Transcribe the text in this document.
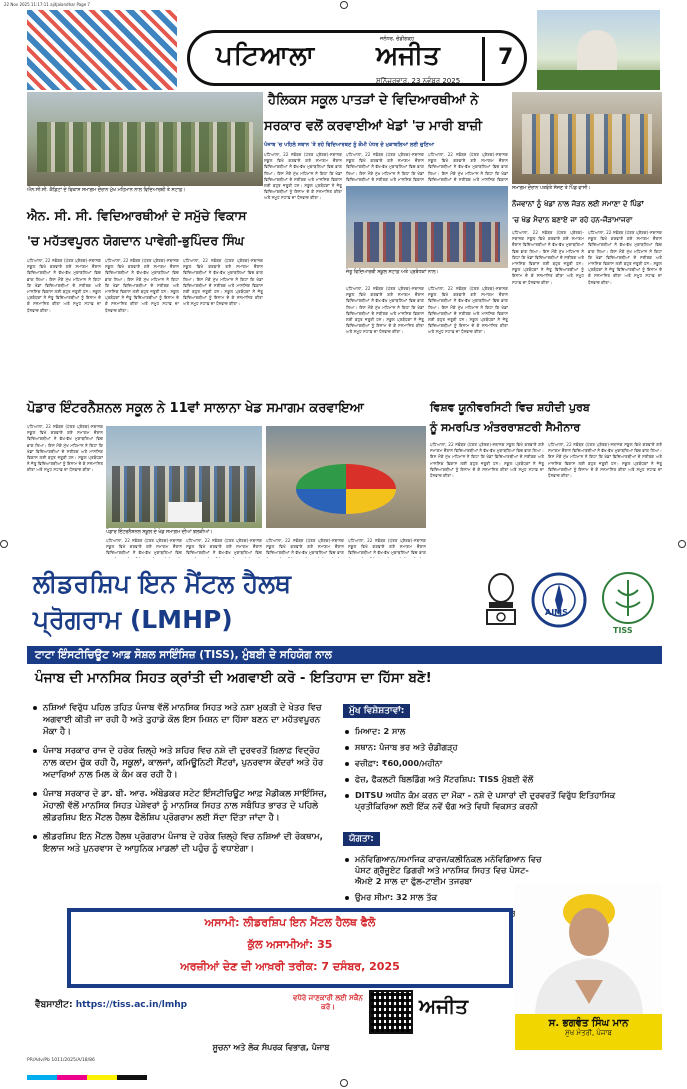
22 Nov 2025 11:17:11 ajitjalandhar Page 7
ਪਟਿਆਲਾ
ਜਲੰਧਰ, ਚੰਡੀਗੜ੍ਹ
ਅਜੀਤ
ਸ਼ਨਿੱਚਰਵਾਰ, 23 ਨਵੰਬਰ 2025
7
ਐਨ.ਸੀ.ਸੀ. ਕੈਡਿਟਾਂ ਦੇ ਵਿਕਾਸ ਸਮਾਗਮ ਦੌਰਾਨ ਮੁੱਖ ਮਹਿਮਾਨ ਨਾਲ ਵਿਦਿਆਰਥੀ ਤੇ ਸਟਾਫ਼।
ਐਨ. ਸੀ. ਸੀ. ਵਿਦਿਆਰਥੀਆਂ ਦੇ ਸਮੁੱਚੇ ਵਿਕਾਸ
'ਚ ਮਹੱਤਵਪੂਰਨ ਯੋਗਦਾਨ ਪਾਵੇਗੀ-ਭੁਪਿੰਦਰ ਸਿੰਘ
ਪਟਿਆਲਾ, 22 ਨਵੰਬਰ (ਪੱਤਰ ਪ੍ਰੇਰਕ)-ਸਥਾਨਕ ਸਕੂਲ ਵਿਖੇ ਕਰਵਾਏ ਗਏ ਸਮਾਗਮ ਦੌਰਾਨ ਵਿਦਿਆਰਥੀਆਂ ਨੇ ਵੱਖ-ਵੱਖ ਮੁਕਾਬਲਿਆਂ ਵਿਚ ਭਾਗ ਲਿਆ। ਇਸ ਮੌਕੇ ਮੁੱਖ ਮਹਿਮਾਨ ਨੇ ਕਿਹਾ ਕਿ ਖੇਡਾਂ ਵਿਦਿਆਰਥੀਆਂ ਦੇ ਸਰੀਰਕ ਅਤੇ ਮਾਨਸਿਕ ਵਿਕਾਸ ਲਈ ਬਹੁਤ ਜ਼ਰੂਰੀ ਹਨ। ਸਕੂਲ ਪ੍ਰਬੰਧਕਾਂ ਨੇ ਜੇਤੂ ਵਿਦਿਆਰਥੀਆਂ ਨੂੰ ਇਨਾਮ ਦੇ ਕੇ ਸਨਮਾਨਿਤ ਕੀਤਾ ਅਤੇ ਸਮੂਹ ਸਟਾਫ਼ ਦਾ ਧੰਨਵਾਦ ਕੀਤਾ।
ਪਟਿਆਲਾ, 22 ਨਵੰਬਰ (ਪੱਤਰ ਪ੍ਰੇਰਕ)-ਸਥਾਨਕ ਸਕੂਲ ਵਿਖੇ ਕਰਵਾਏ ਗਏ ਸਮਾਗਮ ਦੌਰਾਨ ਵਿਦਿਆਰਥੀਆਂ ਨੇ ਵੱਖ-ਵੱਖ ਮੁਕਾਬਲਿਆਂ ਵਿਚ ਭਾਗ ਲਿਆ। ਇਸ ਮੌਕੇ ਮੁੱਖ ਮਹਿਮਾਨ ਨੇ ਕਿਹਾ ਕਿ ਖੇਡਾਂ ਵਿਦਿਆਰਥੀਆਂ ਦੇ ਸਰੀਰਕ ਅਤੇ ਮਾਨਸਿਕ ਵਿਕਾਸ ਲਈ ਬਹੁਤ ਜ਼ਰੂਰੀ ਹਨ। ਸਕੂਲ ਪ੍ਰਬੰਧਕਾਂ ਨੇ ਜੇਤੂ ਵਿਦਿਆਰਥੀਆਂ ਨੂੰ ਇਨਾਮ ਦੇ ਕੇ ਸਨਮਾਨਿਤ ਕੀਤਾ ਅਤੇ ਸਮੂਹ ਸਟਾਫ਼ ਦਾ ਧੰਨਵਾਦ ਕੀਤਾ।
ਪਟਿਆਲਾ, 22 ਨਵੰਬਰ (ਪੱਤਰ ਪ੍ਰੇਰਕ)-ਸਥਾਨਕ ਸਕੂਲ ਵਿਖੇ ਕਰਵਾਏ ਗਏ ਸਮਾਗਮ ਦੌਰਾਨ ਵਿਦਿਆਰਥੀਆਂ ਨੇ ਵੱਖ-ਵੱਖ ਮੁਕਾਬਲਿਆਂ ਵਿਚ ਭਾਗ ਲਿਆ। ਇਸ ਮੌਕੇ ਮੁੱਖ ਮਹਿਮਾਨ ਨੇ ਕਿਹਾ ਕਿ ਖੇਡਾਂ ਵਿਦਿਆਰਥੀਆਂ ਦੇ ਸਰੀਰਕ ਅਤੇ ਮਾਨਸਿਕ ਵਿਕਾਸ ਲਈ ਬਹੁਤ ਜ਼ਰੂਰੀ ਹਨ। ਸਕੂਲ ਪ੍ਰਬੰਧਕਾਂ ਨੇ ਜੇਤੂ ਵਿਦਿਆਰਥੀਆਂ ਨੂੰ ਇਨਾਮ ਦੇ ਕੇ ਸਨਮਾਨਿਤ ਕੀਤਾ ਅਤੇ ਸਮੂਹ ਸਟਾਫ਼ ਦਾ ਧੰਨਵਾਦ ਕੀਤਾ।
ਹੈਲਿਕਸ ਸਕੂਲ ਪਾਤੜਾਂ ਦੇ ਵਿਦਿਆਰਥੀਆਂ ਨੇ
ਸਰਕਾਰ ਵਲੋਂ ਕਰਵਾਈਆਂ ਖੇਡਾਂ 'ਚ ਮਾਰੀ ਬਾਜ਼ੀ
ਪੰਜਾਬ 'ਚ ਪਹਿਲੇ ਸਥਾਨ 'ਤੇ ਰਹੇ ਵਿਦਿਆਰਥਣ ਨੂੰ ਕੌਮੀ ਪੱਧਰ ਦੇ ਮੁਕਾਬਲਿਆਂ ਲਈ ਚੁਣਿਆ
ਪਟਿਆਲਾ, 22 ਨਵੰਬਰ (ਪੱਤਰ ਪ੍ਰੇਰਕ)-ਸਥਾਨਕ ਸਕੂਲ ਵਿਖੇ ਕਰਵਾਏ ਗਏ ਸਮਾਗਮ ਦੌਰਾਨ ਵਿਦਿਆਰਥੀਆਂ ਨੇ ਵੱਖ-ਵੱਖ ਮੁਕਾਬਲਿਆਂ ਵਿਚ ਭਾਗ ਲਿਆ। ਇਸ ਮੌਕੇ ਮੁੱਖ ਮਹਿਮਾਨ ਨੇ ਕਿਹਾ ਕਿ ਖੇਡਾਂ ਵਿਦਿਆਰਥੀਆਂ ਦੇ ਸਰੀਰਕ ਅਤੇ ਮਾਨਸਿਕ ਵਿਕਾਸ ਲਈ ਬਹੁਤ ਜ਼ਰੂਰੀ ਹਨ। ਸਕੂਲ ਪ੍ਰਬੰਧਕਾਂ ਨੇ ਜੇਤੂ ਵਿਦਿਆਰਥੀਆਂ ਨੂੰ ਇਨਾਮ ਦੇ ਕੇ ਸਨਮਾਨਿਤ ਕੀਤਾ ਅਤੇ ਸਮੂਹ ਸਟਾਫ਼ ਦਾ ਧੰਨਵਾਦ ਕੀਤਾ।
ਪਟਿਆਲਾ, 22 ਨਵੰਬਰ (ਪੱਤਰ ਪ੍ਰੇਰਕ)-ਸਥਾਨਕ ਸਕੂਲ ਵਿਖੇ ਕਰਵਾਏ ਗਏ ਸਮਾਗਮ ਦੌਰਾਨ ਵਿਦਿਆਰਥੀਆਂ ਨੇ ਵੱਖ-ਵੱਖ ਮੁਕਾਬਲਿਆਂ ਵਿਚ ਭਾਗ ਲਿਆ। ਇਸ ਮੌਕੇ ਮੁੱਖ ਮਹਿਮਾਨ ਨੇ ਕਿਹਾ ਕਿ ਖੇਡਾਂ ਵਿਦਿਆਰਥੀਆਂ ਦੇ ਸਰੀਰਕ ਅਤੇ ਮਾਨਸਿਕ ਵਿਕਾਸ
ਪਟਿਆਲਾ, 22 ਨਵੰਬਰ (ਪੱਤਰ ਪ੍ਰੇਰਕ)-ਸਥਾਨਕ ਸਕੂਲ ਵਿਖੇ ਕਰਵਾਏ ਗਏ ਸਮਾਗਮ ਦੌਰਾਨ ਵਿਦਿਆਰਥੀਆਂ ਨੇ ਵੱਖ-ਵੱਖ ਮੁਕਾਬਲਿਆਂ ਵਿਚ ਭਾਗ ਲਿਆ। ਇਸ ਮੌਕੇ ਮੁੱਖ ਮਹਿਮਾਨ ਨੇ ਕਿਹਾ ਕਿ ਖੇਡਾਂ ਵਿਦਿਆਰਥੀਆਂ ਦੇ ਸਰੀਰਕ ਅਤੇ ਮਾਨਸਿਕ ਵਿਕਾਸ
ਜੇਤੂ ਵਿਦਿਆਰਥੀ ਸਕੂਲ ਸਟਾਫ਼ ਅਤੇ ਪ੍ਰਬੰਧਕਾਂ ਨਾਲ।
ਪਟਿਆਲਾ, 22 ਨਵੰਬਰ (ਪੱਤਰ ਪ੍ਰੇਰਕ)-ਸਥਾਨਕ ਸਕੂਲ ਵਿਖੇ ਕਰਵਾਏ ਗਏ ਸਮਾਗਮ ਦੌਰਾਨ ਵਿਦਿਆਰਥੀਆਂ ਨੇ ਵੱਖ-ਵੱਖ ਮੁਕਾਬਲਿਆਂ ਵਿਚ ਭਾਗ ਲਿਆ। ਇਸ ਮੌਕੇ ਮੁੱਖ ਮਹਿਮਾਨ ਨੇ ਕਿਹਾ ਕਿ ਖੇਡਾਂ ਵਿਦਿਆਰਥੀਆਂ ਦੇ ਸਰੀਰਕ ਅਤੇ ਮਾਨਸਿਕ ਵਿਕਾਸ ਲਈ ਬਹੁਤ ਜ਼ਰੂਰੀ ਹਨ। ਸਕੂਲ ਪ੍ਰਬੰਧਕਾਂ ਨੇ ਜੇਤੂ ਵਿਦਿਆਰਥੀਆਂ ਨੂੰ ਇਨਾਮ ਦੇ ਕੇ ਸਨਮਾਨਿਤ ਕੀਤਾ ਅਤੇ ਸਮੂਹ ਸਟਾਫ਼ ਦਾ ਧੰਨਵਾਦ ਕੀਤਾ।
ਪਟਿਆਲਾ, 22 ਨਵੰਬਰ (ਪੱਤਰ ਪ੍ਰੇਰਕ)-ਸਥਾਨਕ ਸਕੂਲ ਵਿਖੇ ਕਰਵਾਏ ਗਏ ਸਮਾਗਮ ਦੌਰਾਨ ਵਿਦਿਆਰਥੀਆਂ ਨੇ ਵੱਖ-ਵੱਖ ਮੁਕਾਬਲਿਆਂ ਵਿਚ ਭਾਗ ਲਿਆ। ਇਸ ਮੌਕੇ ਮੁੱਖ ਮਹਿਮਾਨ ਨੇ ਕਿਹਾ ਕਿ ਖੇਡਾਂ ਵਿਦਿਆਰਥੀਆਂ ਦੇ ਸਰੀਰਕ ਅਤੇ ਮਾਨਸਿਕ ਵਿਕਾਸ ਲਈ ਬਹੁਤ ਜ਼ਰੂਰੀ ਹਨ। ਸਕੂਲ ਪ੍ਰਬੰਧਕਾਂ ਨੇ ਜੇਤੂ ਵਿਦਿਆਰਥੀਆਂ ਨੂੰ ਇਨਾਮ ਦੇ ਕੇ ਸਨਮਾਨਿਤ ਕੀਤਾ ਅਤੇ ਸਮੂਹ ਸਟਾਫ਼ ਦਾ ਧੰਨਵਾਦ ਕੀਤਾ।
ਸਮਾਗਮ ਦੌਰਾਨ ਪਤਵੰਤੇ ਸੱਜਣ ਤੇ ਪਿੰਡ ਵਾਸੀ।
ਨੌਜਵਾਨਾਂ ਨੂੰ ਖੇਡਾਂ ਨਾਲ ਜੋੜਨ ਲਈ ਸਮਾਣਾ ਦੇ ਪਿੰਡਾਂ
'ਚ ਖੇਡ ਮੈਦਾਨ ਬਣਾਏ ਜਾ ਰਹੇ ਹਨ-ਜੌੜਾਮਾਜਰਾ
ਪਟਿਆਲਾ, 22 ਨਵੰਬਰ (ਪੱਤਰ ਪ੍ਰੇਰਕ)-ਸਥਾਨਕ ਸਕੂਲ ਵਿਖੇ ਕਰਵਾਏ ਗਏ ਸਮਾਗਮ ਦੌਰਾਨ ਵਿਦਿਆਰਥੀਆਂ ਨੇ ਵੱਖ-ਵੱਖ ਮੁਕਾਬਲਿਆਂ ਵਿਚ ਭਾਗ ਲਿਆ। ਇਸ ਮੌਕੇ ਮੁੱਖ ਮਹਿਮਾਨ ਨੇ ਕਿਹਾ ਕਿ ਖੇਡਾਂ ਵਿਦਿਆਰਥੀਆਂ ਦੇ ਸਰੀਰਕ ਅਤੇ ਮਾਨਸਿਕ ਵਿਕਾਸ ਲਈ ਬਹੁਤ ਜ਼ਰੂਰੀ ਹਨ। ਸਕੂਲ ਪ੍ਰਬੰਧਕਾਂ ਨੇ ਜੇਤੂ ਵਿਦਿਆਰਥੀਆਂ ਨੂੰ ਇਨਾਮ ਦੇ ਕੇ ਸਨਮਾਨਿਤ ਕੀਤਾ ਅਤੇ ਸਮੂਹ ਸਟਾਫ਼ ਦਾ ਧੰਨਵਾਦ ਕੀਤਾ।
ਪਟਿਆਲਾ, 22 ਨਵੰਬਰ (ਪੱਤਰ ਪ੍ਰੇਰਕ)-ਸਥਾਨਕ ਸਕੂਲ ਵਿਖੇ ਕਰਵਾਏ ਗਏ ਸਮਾਗਮ ਦੌਰਾਨ ਵਿਦਿਆਰਥੀਆਂ ਨੇ ਵੱਖ-ਵੱਖ ਮੁਕਾਬਲਿਆਂ ਵਿਚ ਭਾਗ ਲਿਆ। ਇਸ ਮੌਕੇ ਮੁੱਖ ਮਹਿਮਾਨ ਨੇ ਕਿਹਾ ਕਿ ਖੇਡਾਂ ਵਿਦਿਆਰਥੀਆਂ ਦੇ ਸਰੀਰਕ ਅਤੇ ਮਾਨਸਿਕ ਵਿਕਾਸ ਲਈ ਬਹੁਤ ਜ਼ਰੂਰੀ ਹਨ। ਸਕੂਲ ਪ੍ਰਬੰਧਕਾਂ ਨੇ ਜੇਤੂ ਵਿਦਿਆਰਥੀਆਂ ਨੂੰ ਇਨਾਮ ਦੇ ਕੇ ਸਨਮਾਨਿਤ ਕੀਤਾ ਅਤੇ ਸਮੂਹ ਸਟਾਫ਼ ਦਾ ਧੰਨਵਾਦ ਕੀਤਾ।
ਪੋਡਾਰ ਇੰਟਰਨੈਸ਼ਨਲ ਸਕੂਲ ਨੇ 11ਵਾਂ ਸਾਲਾਨਾ ਖੇਡ ਸਮਾਗਮ ਕਰਵਾਇਆ
ਪਟਿਆਲਾ, 22 ਨਵੰਬਰ (ਪੱਤਰ ਪ੍ਰੇਰਕ)-ਸਥਾਨਕ ਸਕੂਲ ਵਿਖੇ ਕਰਵਾਏ ਗਏ ਸਮਾਗਮ ਦੌਰਾਨ ਵਿਦਿਆਰਥੀਆਂ ਨੇ ਵੱਖ-ਵੱਖ ਮੁਕਾਬਲਿਆਂ ਵਿਚ ਭਾਗ ਲਿਆ। ਇਸ ਮੌਕੇ ਮੁੱਖ ਮਹਿਮਾਨ ਨੇ ਕਿਹਾ ਕਿ ਖੇਡਾਂ ਵਿਦਿਆਰਥੀਆਂ ਦੇ ਸਰੀਰਕ ਅਤੇ ਮਾਨਸਿਕ ਵਿਕਾਸ ਲਈ ਬਹੁਤ ਜ਼ਰੂਰੀ ਹਨ। ਸਕੂਲ ਪ੍ਰਬੰਧਕਾਂ ਨੇ ਜੇਤੂ ਵਿਦਿਆਰਥੀਆਂ ਨੂੰ ਇਨਾਮ ਦੇ ਕੇ ਸਨਮਾਨਿਤ ਕੀਤਾ ਅਤੇ ਸਮੂਹ ਸਟਾਫ਼ ਦਾ ਧੰਨਵਾਦ ਕੀਤਾ।
ਪੋਡਾਰ ਇੰਟਰਨੈਸ਼ਨਲ ਸਕੂਲ ਦੇ ਖੇਡ ਸਮਾਗਮ ਦੀਆਂ ਝਲਕੀਆਂ।
ਪਟਿਆਲਾ, 22 ਨਵੰਬਰ (ਪੱਤਰ ਪ੍ਰੇਰਕ)-ਸਥਾਨਕ ਸਕੂਲ ਵਿਖੇ ਕਰਵਾਏ ਗਏ ਸਮਾਗਮ ਦੌਰਾਨ ਵਿਦਿਆਰਥੀਆਂ ਨੇ ਵੱਖ-ਵੱਖ ਮੁਕਾਬਲਿਆਂ ਵਿਚ
ਪਟਿਆਲਾ, 22 ਨਵੰਬਰ (ਪੱਤਰ ਪ੍ਰੇਰਕ)-ਸਥਾਨਕ ਸਕੂਲ ਵਿਖੇ ਕਰਵਾਏ ਗਏ ਸਮਾਗਮ ਦੌਰਾਨ ਵਿਦਿਆਰਥੀਆਂ ਨੇ ਵੱਖ-ਵੱਖ ਮੁਕਾਬਲਿਆਂ ਵਿਚ
ਪਟਿਆਲਾ, 22 ਨਵੰਬਰ (ਪੱਤਰ ਪ੍ਰੇਰਕ)-ਸਥਾਨਕ ਸਕੂਲ ਵਿਖੇ ਕਰਵਾਏ ਗਏ ਸਮਾਗਮ ਦੌਰਾਨ ਵਿਦਿਆਰਥੀਆਂ ਨੇ ਵੱਖ-ਵੱਖ ਮੁਕਾਬਲਿਆਂ ਵਿਚ ਭਾਗ
ਪਟਿਆਲਾ, 22 ਨਵੰਬਰ (ਪੱਤਰ ਪ੍ਰੇਰਕ)-ਸਥਾਨਕ ਸਕੂਲ ਵਿਖੇ ਕਰਵਾਏ ਗਏ ਸਮਾਗਮ ਦੌਰਾਨ ਵਿਦਿਆਰਥੀਆਂ ਨੇ ਵੱਖ-ਵੱਖ ਮੁਕਾਬਲਿਆਂ ਵਿਚ ਭਾਗ
ਵਿਸ਼ਵ ਯੂਨੀਵਰਸਿਟੀ ਵਿਚ ਸ਼ਹੀਦੀ ਪੁਰਬ
ਨੂੰ ਸਮਰਪਿਤ ਅੰਤਰਰਾਸ਼ਟਰੀ ਸੈਮੀਨਾਰ
ਪਟਿਆਲਾ, 22 ਨਵੰਬਰ (ਪੱਤਰ ਪ੍ਰੇਰਕ)-ਸਥਾਨਕ ਸਕੂਲ ਵਿਖੇ ਕਰਵਾਏ ਗਏ ਸਮਾਗਮ ਦੌਰਾਨ ਵਿਦਿਆਰਥੀਆਂ ਨੇ ਵੱਖ-ਵੱਖ ਮੁਕਾਬਲਿਆਂ ਵਿਚ ਭਾਗ ਲਿਆ। ਇਸ ਮੌਕੇ ਮੁੱਖ ਮਹਿਮਾਨ ਨੇ ਕਿਹਾ ਕਿ ਖੇਡਾਂ ਵਿਦਿਆਰਥੀਆਂ ਦੇ ਸਰੀਰਕ ਅਤੇ ਮਾਨਸਿਕ ਵਿਕਾਸ ਲਈ ਬਹੁਤ ਜ਼ਰੂਰੀ ਹਨ। ਸਕੂਲ ਪ੍ਰਬੰਧਕਾਂ ਨੇ ਜੇਤੂ ਵਿਦਿਆਰਥੀਆਂ ਨੂੰ ਇਨਾਮ ਦੇ ਕੇ ਸਨਮਾਨਿਤ ਕੀਤਾ ਅਤੇ ਸਮੂਹ ਸਟਾਫ਼ ਦਾ ਧੰਨਵਾਦ ਕੀਤਾ।
ਪਟਿਆਲਾ, 22 ਨਵੰਬਰ (ਪੱਤਰ ਪ੍ਰੇਰਕ)-ਸਥਾਨਕ ਸਕੂਲ ਵਿਖੇ ਕਰਵਾਏ ਗਏ ਸਮਾਗਮ ਦੌਰਾਨ ਵਿਦਿਆਰਥੀਆਂ ਨੇ ਵੱਖ-ਵੱਖ ਮੁਕਾਬਲਿਆਂ ਵਿਚ ਭਾਗ ਲਿਆ। ਇਸ ਮੌਕੇ ਮੁੱਖ ਮਹਿਮਾਨ ਨੇ ਕਿਹਾ ਕਿ ਖੇਡਾਂ ਵਿਦਿਆਰਥੀਆਂ ਦੇ ਸਰੀਰਕ ਅਤੇ ਮਾਨਸਿਕ ਵਿਕਾਸ ਲਈ ਬਹੁਤ ਜ਼ਰੂਰੀ ਹਨ। ਸਕੂਲ ਪ੍ਰਬੰਧਕਾਂ ਨੇ ਜੇਤੂ ਵਿਦਿਆਰਥੀਆਂ ਨੂੰ ਇਨਾਮ ਦੇ ਕੇ ਸਨਮਾਨਿਤ ਕੀਤਾ ਅਤੇ ਸਮੂਹ ਸਟਾਫ਼ ਦਾ ਧੰਨਵਾਦ ਕੀਤਾ।
ਲੀਡਰਸ਼ਿਪ ਇਨ ਮੈਂਟਲ ਹੈਲਥ
ਪ੍ਰੋਗਰਾਮ (LMHP)	AIMS
TISS
ਟਾਟਾ ਇੰਸਟੀਚਿਊਟ ਆਫ਼ ਸੋਸ਼ਲ ਸਾਇੰਸਿਜ਼ (TISS), ਮੁੰਬਈ ਦੇ ਸਹਿਯੋਗ ਨਾਲ
ਪੰਜਾਬ ਦੀ ਮਾਨਸਿਕ ਸਿਹਤ ਕ੍ਰਾਂਤੀ ਦੀ ਅਗਵਾਈ ਕਰੋ - ਇਤਿਹਾਸ ਦਾ ਹਿੱਸਾ ਬਣੋ!
ਨਸ਼ਿਆਂ ਵਿਰੁੱਧ ਪਹਿਲ ਤਹਿਤ ਪੰਜਾਬ ਵੱਲੋਂ ਮਾਨਸਿਕ ਸਿਹਤ ਅਤੇ ਨਸ਼ਾ ਮੁਕਤੀ ਦੇ ਖੇਤਰ ਵਿਚ ਅਗਵਾਈ ਕੀਤੀ ਜਾ ਰਹੀ ਹੈ ਅਤੇ ਤੁਹਾਡੇ ਕੋਲ ਇਸ ਮਿਸ਼ਨ ਦਾ ਹਿੱਸਾ ਬਣਨ ਦਾ ਮਹੱਤਵਪੂਰਨ ਮੌਕਾ ਹੈ।
ਪੰਜਾਬ ਸਰਕਾਰ ਰਾਜ ਦੇ ਹਰੇਕ ਜ਼ਿਲ੍ਹੇ ਅਤੇ ਸ਼ਹਿਰ ਵਿਚ ਨਸ਼ੇ ਦੀ ਦੁਰਵਰਤੋਂ ਖ਼ਿਲਾਫ਼ ਵਿਦ੍ਰੋਹ ਨਾਲ ਕਦਮ ਚੁੱਕ ਰਹੀ ਹੈ, ਸਕੂਲਾਂ, ਕਾਲਜਾਂ, ਕਮਿਊਨਿਟੀ ਸੈਂਟਰਾਂ, ਪੁਨਰਵਾਸ ਕੇਂਦਰਾਂ ਅਤੇ ਹੋਰ ਅਦਾਰਿਆਂ ਨਾਲ ਮਿਲ ਕੇ ਕੰਮ ਕਰ ਰਹੀ ਹੈ।
ਪੰਜਾਬ ਸਰਕਾਰ ਦੇ ਡਾ. ਬੀ. ਆਰ. ਅੰਬੇਡਕਰ ਸਟੇਟ ਇੰਸਟੀਚਿਊਟ ਆਫ਼ ਮੈਡੀਕਲ ਸਾਇੰਸਿਜ਼, ਮੋਹਾਲੀ ਵੱਲੋਂ ਮਾਨਸਿਕ ਸਿਹਤ ਪੇਸ਼ੇਵਰਾਂ ਨੂੰ ਮਾਨਸਿਕ ਸਿਹਤ ਨਾਲ ਸਬੰਧਿਤ ਭਾਰਤ ਦੇ ਪਹਿਲੇ ਲੀਡਰਸ਼ਿਪ ਇਨ ਮੈਂਟਲ ਹੈਲਥ ਫੈਲੋਸ਼ਿਪ ਪ੍ਰੋਗਰਾਮ ਲਈ ਸੱਦਾ ਦਿੱਤਾ ਜਾਂਦਾ ਹੈ।
ਲੀਡਰਸ਼ਿਪ ਇਨ ਮੈਂਟਲ ਹੈਲਥ ਪ੍ਰੋਗਰਾਮ ਪੰਜਾਬ ਦੇ ਹਰੇਕ ਜ਼ਿਲ੍ਹੇ ਵਿਚ ਨਸ਼ਿਆਂ ਦੀ ਰੋਕਥਾਮ, ਇਲਾਜ ਅਤੇ ਪੁਨਰਵਾਸ ਦੇ ਆਧੁਨਿਕ ਮਾਡਲਾਂ ਦੀ ਪਹੁੰਚ ਨੂੰ ਵਧਾਏਗਾ।
ਮੁੱਖ ਵਿਸ਼ੇਸ਼ਤਾਵਾਂ:
ਮਿਆਦ: 2 ਸਾਲ
ਸਥਾਨ: ਪੰਜਾਬ ਭਰ ਅਤੇ ਚੰਡੀਗੜ੍ਹ
ਵਜ਼ੀਫ਼ਾ: ₹60,000/ਮਹੀਨਾ
ਫੇਜ਼, ਫੈਕਲਟੀ ਬਿਲਡਿੰਗ ਅਤੇ ਮੈਂਟਰਸ਼ਿਪ: TISS ਮੁੰਬਈ ਵੱਲੋਂ
DITSU ਅਧੀਨ ਕੰਮ ਕਰਨ ਦਾ ਮੌਕਾ - ਨਸ਼ੇ ਦੇ ਪਸਾਰਾਂ ਦੀ ਦੁਰਵਰਤੋਂ ਵਿਰੁੱਧ ਇਤਿਹਾਸਿਕ ਪ੍ਰਤੀਕਿਰਿਆ ਲਈ ਇੱਕ ਨਵੇਂ ਢੰਗ ਅਤੇ ਵਿਧੀ ਵਿਕਸਤ ਕਰਨੀ
ਯੋਗਤਾ:
ਮਨੋਵਿਗਿਆਨ/ਸਮਾਜਿਕ ਕਾਰਜ/ਕਲੀਨਿਕਲ ਮਨੋਵਿਗਿਆਨ ਵਿਚ ਪੋਸਟ ਗ੍ਰੈਜੂਏਟ ਡਿਗਰੀ ਅਤੇ ਮਾਨਸਿਕ ਸਿਹਤ ਵਿਚ ਪੋਸਟ-ਐਮਏ 2 ਸਾਲ ਦਾ ਫੁੱਲ-ਟਾਈਮ ਤਜਰਬਾ
ਉਮਰ ਸੀਮਾ: 32 ਸਾਲ ਤੱਕ
ਸ. ਭਗਵੰਤ ਸਿੰਘ ਮਾਨ
ਮੁੱਖ ਮੰਤਰੀ, ਪੰਜਾਬ
ਅਸਾਮੀ: ਲੀਡਰਸ਼ਿਪ ਇਨ ਮੈਂਟਲ ਹੈਲਥ ਫੈਲੋ
ਕੁੱਲ ਅਸਾਮੀਆਂ: 35
ਅਰਜ਼ੀਆਂ ਦੇਣ ਦੀ ਆਖ਼ਰੀ ਤਰੀਕ: 7 ਦਸੰਬਰ, 2025
ਵੈੱਬਸਾਈਟ: https://tiss.ac.in/lmhp
ਵਧੇਰੇ ਜਾਣਕਾਰੀ ਲਈ ਸਕੈਨ ਕਰੋ।	ਅਜੀਤ
ਸੂਚਨਾ ਅਤੇ ਲੋਕ ਸੰਪਰਕ ਵਿਭਾਗ, ਪੰਜਾਬ
PR/Adv/Pb 1011/2025/A/18/86
